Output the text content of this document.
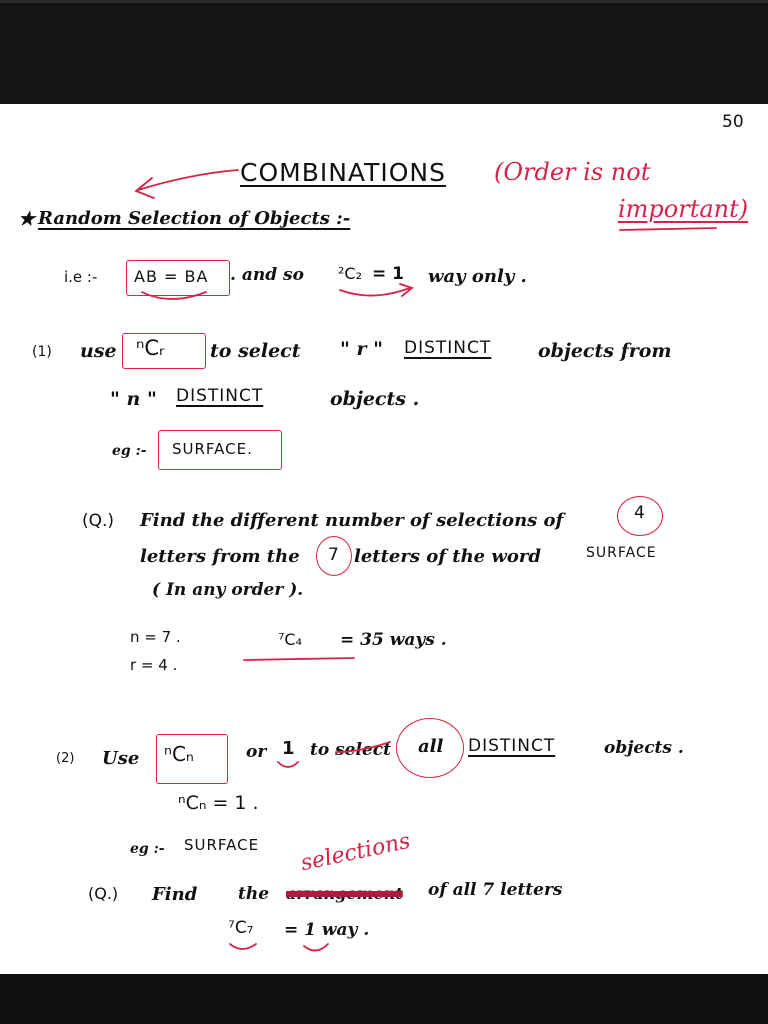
50
COMBINATIONS (Order is not
important)
★ Random Selection of Objects :-
i.e :- AB = BA . and so ²C₂ = 1 way only .
(1) use ⁿCᵣ to select " r " DISTINCT objects from
" n " DISTINCT	objects .
eg :- SURFACE.
(Q.) Find the different number of selections of	4
letters from the 7 letters of the word	SURFACE
( In any order ).
n = 7 .
r = 4 .
⁷C₄ = 35 ways .
(2) Use ⁿCₙ	or 1 to select all DISTINCT	objects .
ⁿCₙ = 1 .
eg :- SURFACE
(Q.) Find the arrangement
selections
of all 7 letters
⁷C₇ = 1 way .
